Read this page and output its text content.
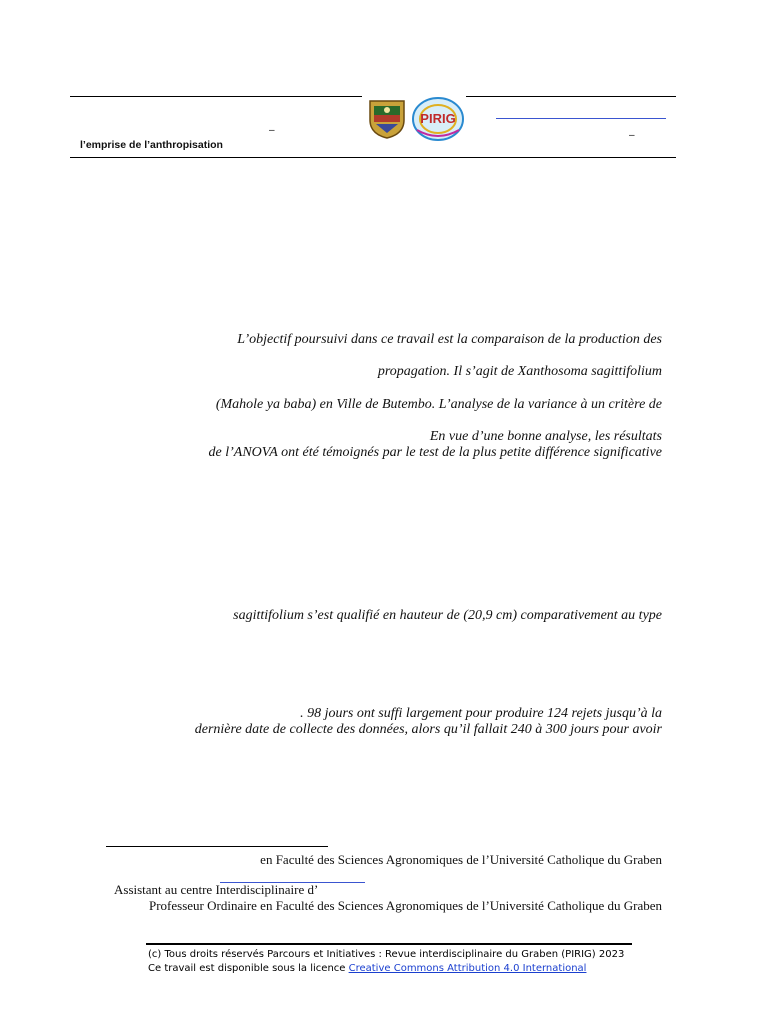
PIRIG
–	–
l’emprise de l’anthropisation
L’objectif poursuivi dans ce travail est la comparaison de la production des
propagation. Il s’agit de Xanthosoma sagittifolium
(Mahole ya baba) en Ville de Butembo. L’analyse de la variance à un critère de
En vue d’une bonne analyse, les résultats
de l’ANOVA ont été témoignés par le test de la plus petite différence significative
sagittifolium s’est qualifié en hauteur de (20,9 cm) comparativement au type
. 98 jours ont suffi largement pour produire 124 rejets jusqu’à la
dernière date de collecte des données, alors qu’il fallait 240 à 300 jours pour avoir
en Faculté des Sciences Agronomiques de l’Université Catholique du Graben
Assistant au centre Interdisciplinaire d’
Professeur Ordinaire en Faculté des Sciences Agronomiques de l’Université Catholique du Graben
(c) Tous droits réservés Parcours et Initiatives : Revue interdisciplinaire du Graben (PIRIG) 2023
Ce travail est disponible sous la licence Creative Commons Attribution 4.0 International
